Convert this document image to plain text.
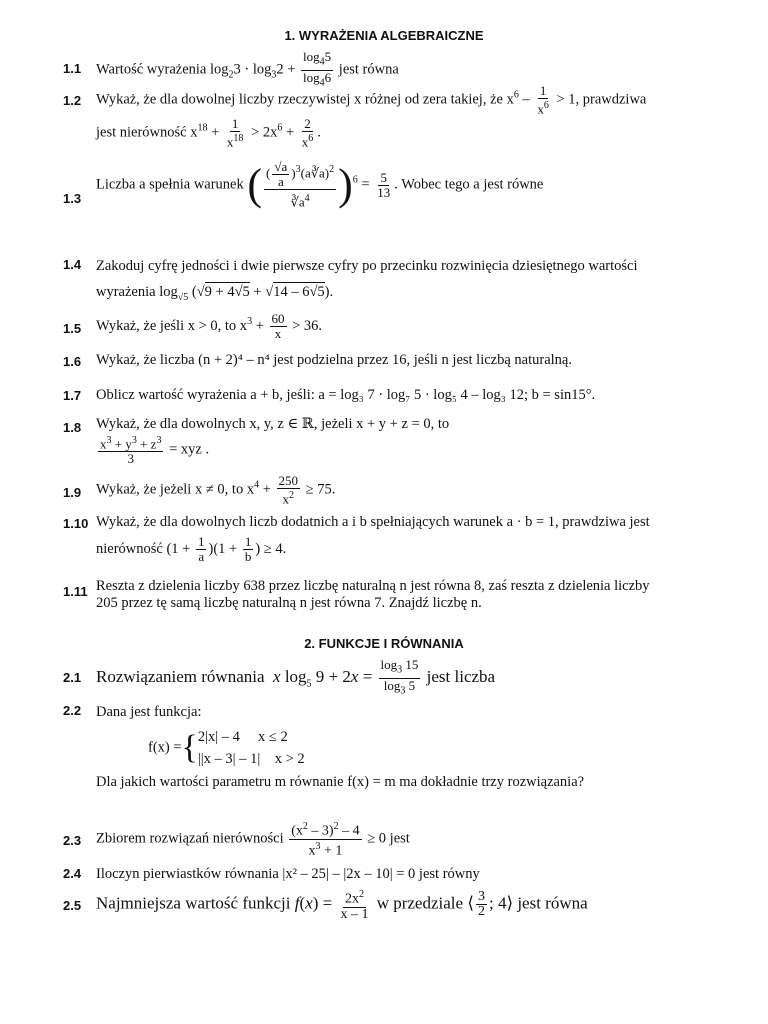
1. WYRAŻENIA ALGEBRAICZNE
1.1 Wartość wyrażenia $\log_23 \cdot \log_32 + \frac{\log_45}{\log_46}$ jest równa
1.2 Wykaż, że dla dowolnej liczby rzeczywistej x różnej od zera takiej, że $x^6 - \frac{1}{x^6} > 1$, prawdziwa
jest nierówność $x^{18} + \frac{1}{x^{18}} > 2x^6 + \frac{2}{x^6}$ .
1.3
Liczba a spełnia warunek ( $\frac{( \frac{√a}{a} )^3(a∛a)^2}{∛a^4} )^6 = \frac{5}{13}$ . Wobec tego a jest równe
1.4 Zakoduj cyfrę jedności i dwie pierwsze cyfry po przecinku rozwinięcia dziesiętnego wartości
wyrażenia $\log_{√5} (√9 + 4√5 + √14 - 6√5)$.
1.5 Wykaż, że jeśli x > 0, to $x^3 + \frac{60}{x} > 36$.
1.6 Wykaż, że liczba (n + 2)⁴ – n⁴ jest podzielna przez 16, jeśli n jest liczbą naturalną.
1.7 Oblicz wartość wyrażenia a + b, jeśli: a = log₃ 7 · log₇ 5 · log₅ 4 – log₃ 12; b = sin15°.
1.8 Wykaż, że dla dowolnych x, y, z ∈ ℝ, jeżeli x + y + z = 0, to
$\frac{x^3 + y^3 + z^3}{3}$ = xyz .
1.9 Wykaż, że jeżeli x ≠ 0, to $x^4 + \frac{250}{x^2} \ge 75$.
1.10 Wykaż, że dla dowolnych liczb dodatnich a i b spełniających warunek a · b = 1, prawdziwa jest
nierówność $(1 + \frac{1}{a} )(1 + \frac{1}{b}$ ) ≥ 4.
1.11 Reszta z dzielenia liczby 638 przez liczbę naturalną n jest równa 8, zaś reszta z dzielenia liczby
205 przez tę samą liczbę naturalną n jest równa 7. Znajdź liczbę n.
2. FUNKCJE I RÓWNANIA
2.1 Rozwiązaniem równania x $\log_5 9 + 2x = \frac{\log_3 15}{\log_3 5}$ jest liczba
2.2 Dana jest funkcja:
f(x) ={2|x| – 4     x ≤ 2
||x – 3| – 1|    x > 2
Dla jakich wartości parametru m równanie f(x) = m ma dokładnie trzy rozwiązania?
2.3 Zbiorem rozwiązań nierówności $\frac{(x^2 - 3)^2 - 4}{x^3 + 1} \ge 0$ jest
2.4 Iloczyn pierwiastków równania |x² – 25| – |2x – 10| = 0 jest równy
2.5 Najmniejsza wartość funkcji $f(x) = \frac{2x^2}{x - 1}$ w przedziale ⟨ $\frac{3}{2}$ ; 4⟩ jest równa
